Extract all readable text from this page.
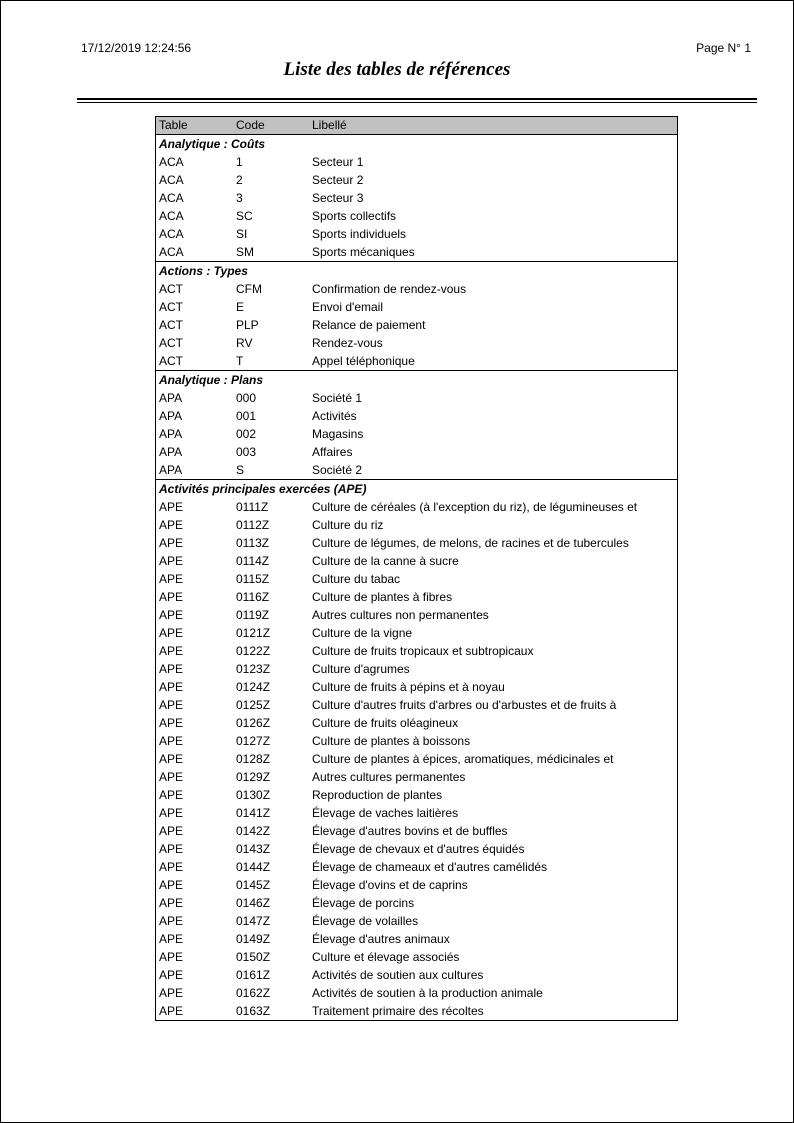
17/12/2019 12:24:56	Page N° 1
Liste des tables de références
Table	Code	Libellé
Analytique : Coûts
ACA	1	Secteur 1
ACA	2	Secteur 2
ACA	3	Secteur 3
ACA	SC	Sports collectifs
ACA	SI	Sports individuels
ACA	SM	Sports mécaniques
Actions : Types
ACT	CFM	Confirmation de rendez-vous
ACT	E	Envoi d'email
ACT	PLP	Relance de paiement
ACT	RV	Rendez-vous
ACT	T	Appel téléphonique
Analytique : Plans
APA	000	Société 1
APA	001	Activités
APA	002	Magasins
APA	003	Affaires
APA	S	Société 2
Activités principales exercées (APE)
APE	0111Z	Culture de céréales (à l'exception du riz), de légumineuses et
APE	0112Z	Culture du riz
APE	0113Z	Culture de légumes, de melons, de racines et de tubercules
APE	0114Z	Culture de la canne à sucre
APE	0115Z	Culture du tabac
APE	0116Z	Culture de plantes à fibres
APE	0119Z	Autres cultures non permanentes
APE	0121Z	Culture de la vigne
APE	0122Z	Culture de fruits tropicaux et subtropicaux
APE	0123Z	Culture d'agrumes
APE	0124Z	Culture de fruits à pépins et à noyau
APE	0125Z	Culture d'autres fruits d'arbres ou d'arbustes et de fruits à
APE	0126Z	Culture de fruits oléagineux
APE	0127Z	Culture de plantes à boissons
APE	0128Z	Culture de plantes à épices, aromatiques, médicinales et
APE	0129Z	Autres cultures permanentes
APE	0130Z	Reproduction de plantes
APE	0141Z	Élevage de vaches laitières
APE	0142Z	Élevage d'autres bovins et de buffles
APE	0143Z	Élevage de chevaux et d'autres équidés
APE	0144Z	Élevage de chameaux et d'autres camélidés
APE	0145Z	Élevage d'ovins et de caprins
APE	0146Z	Élevage de porcins
APE	0147Z	Élevage de volailles
APE	0149Z	Élevage d'autres animaux
APE	0150Z	Culture et élevage associés
APE	0161Z	Activités de soutien aux cultures
APE	0162Z	Activités de soutien à la production animale
APE	0163Z	Traitement primaire des récoltes
